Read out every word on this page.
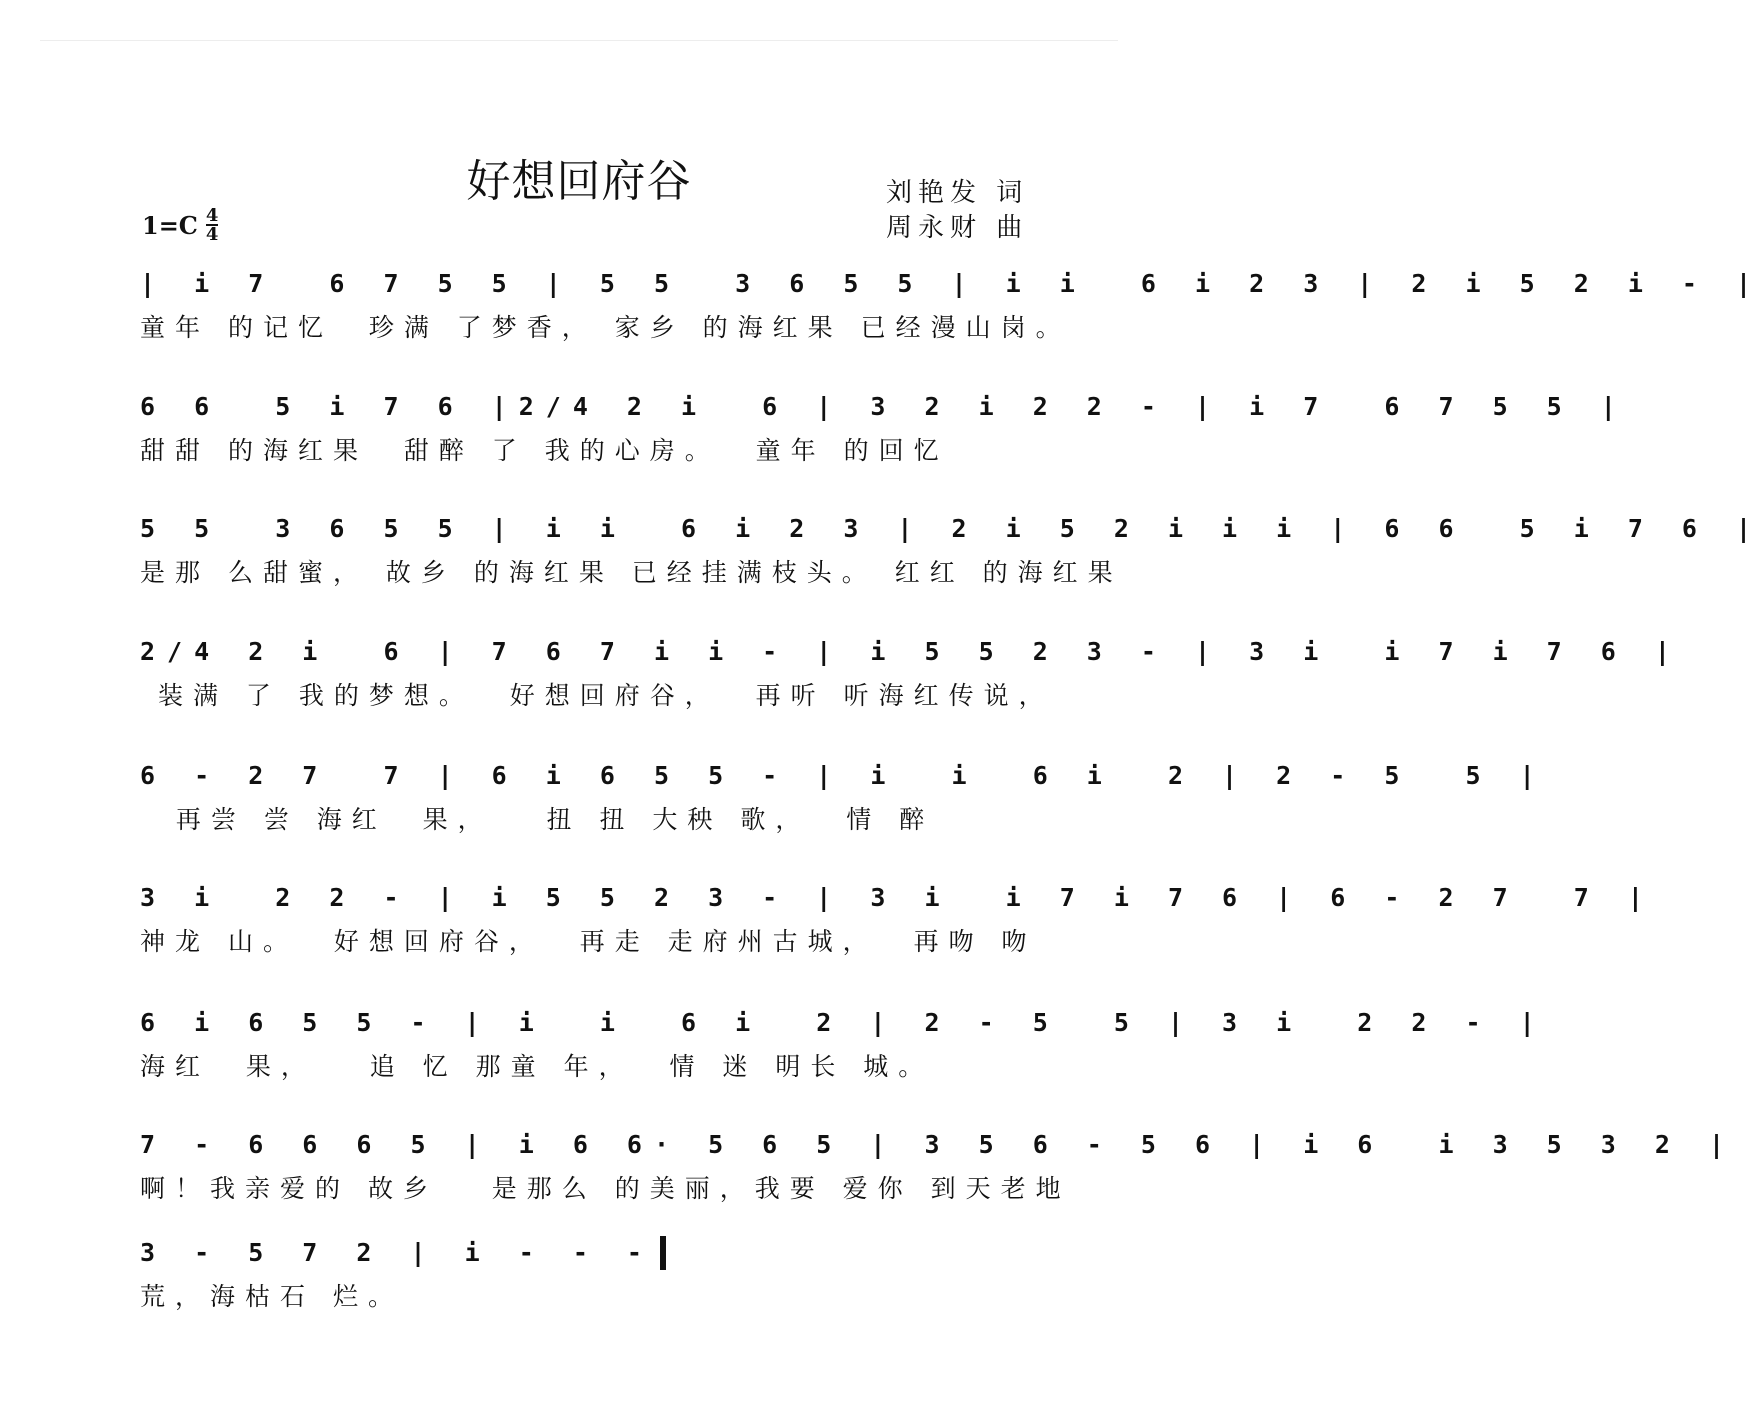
好想回府谷	刘艳发 词
周永财 曲
$1=C \frac{4}{4}$
| i 7  6 7 5 5 | 5 5  3 6 5 5 | i i  6 i 2 3 | 2 i 5 2 i - |
童年 的记忆  珍满 了梦香， 家乡 的海红果 已经漫山岗。
6 6  5 i 7 6 |2/4 2 i  6 | 3 2 i 2 2 - | i 7  6 7 5 5 |
甜甜 的海红果  甜醉 了 我的心房。  童年 的回忆
5 5  3 6 5 5 | i i  6 i 2 3 | 2 i 5 2 i i i | 6 6  5 i 7 6 |
是那 么甜蜜， 故乡 的海红果 已经挂满枝头。 红红 的海红果
2/4 2 i  6 | 7 6 7 i i - | i 5 5 2 3 - | 3 i  i 7 i 7 6 |
装满 了 我的梦想。  好想回府谷，  再听 听海红传说，
6 - 2 7  7 | 6 i 6 5 5 - | i  i  6 i  2 | 2 - 5  5 |
再尝 尝 海红  果，   扭 扭 大秧 歌，  情 醉
3 i  2 2 - | i 5 5 2 3 - | 3 i  i 7 i 7 6 | 6 - 2 7  7 |
神龙 山。  好想回府谷，  再走 走府州古城，  再吻 吻
6 i 6 5 5 - | i  i  6 i  2 | 2 - 5  5 | 3 i  2 2 - |
海红  果，   追 忆 那童 年，  情 迷 明长 城。
7 - 6 6 6 5 | i 6 6· 5 6 5 | 3 5 6 - 5 6 | i 6  i 3 5 3 2 |
啊！我亲爱的 故乡   是那么 的美丽，我要 爱你 到天老地
3 - 5 7 2 | i - - -
荒，海枯石 烂。
